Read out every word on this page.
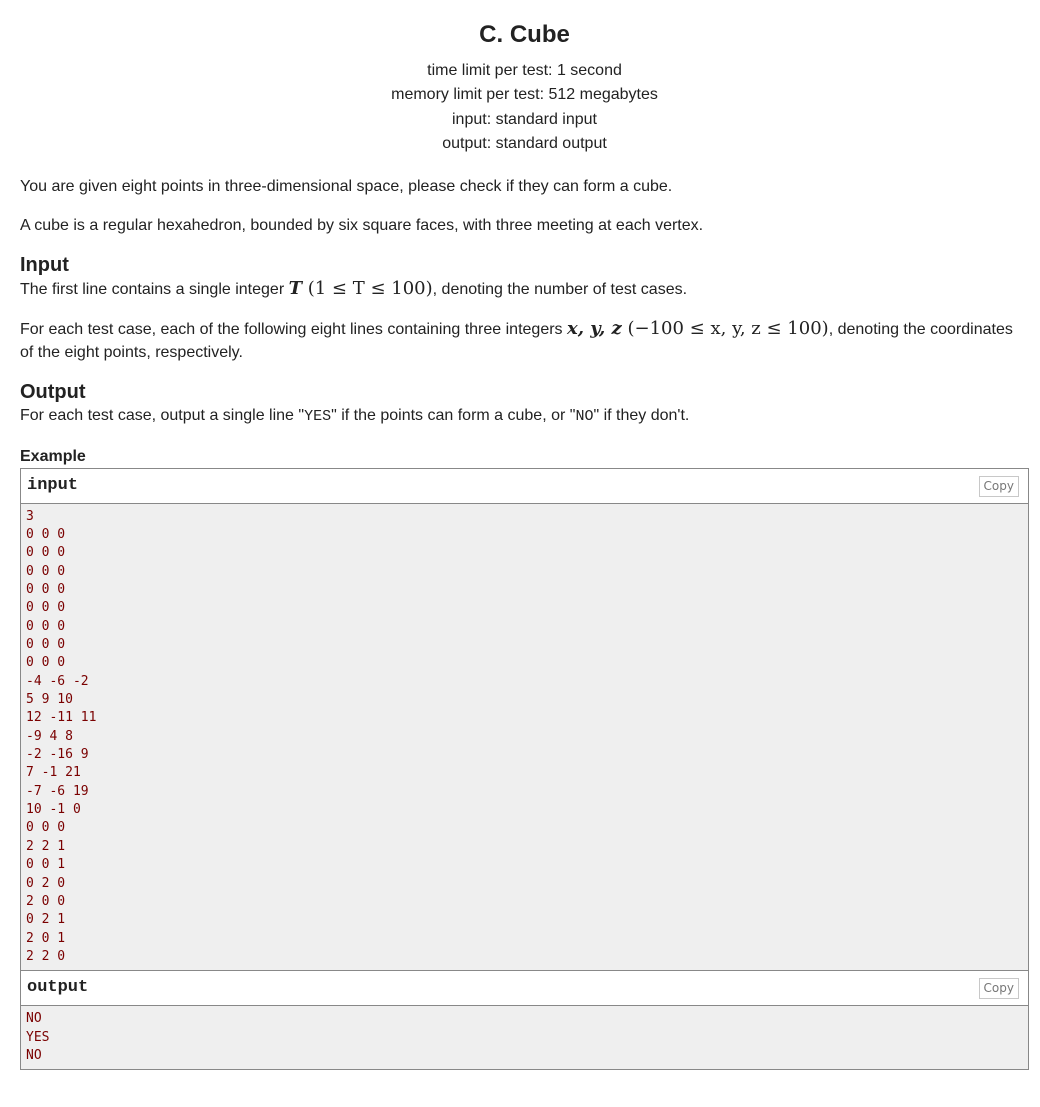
C. Cube
time limit per test: 1 second
memory limit per test: 512 megabytes
input: standard input
output: standard output

You are given eight points in three-dimensional space, please check if they can form a cube.

A cube is a regular hexahedron, bounded by six square faces, with three meeting at each vertex.

Input

The first line contains a single integer T (1 ≤ T ≤ 100), denoting the number of test cases.

For each test case, each of the following eight lines containing three integers x, y, z (−100 ≤ x, y, z ≤ 100), denoting the coordinates of the eight points, respectively.

Output

For each test case, output a single line "YES" if the points can form a cube, or "NO" if they don't.

Example
input	Copy
3
0 0 0
0 0 0
0 0 0
0 0 0
0 0 0
0 0 0
0 0 0
0 0 0
-4 -6 -2
5 9 10
12 -11 11
-9 4 8
-2 -16 9
7 -1 21
-7 -6 19
10 -1 0
0 0 0
2 2 1
0 0 1
0 2 0
2 0 0
0 2 1
2 0 1
2 2 0
output	Copy
NO
YES
NO
